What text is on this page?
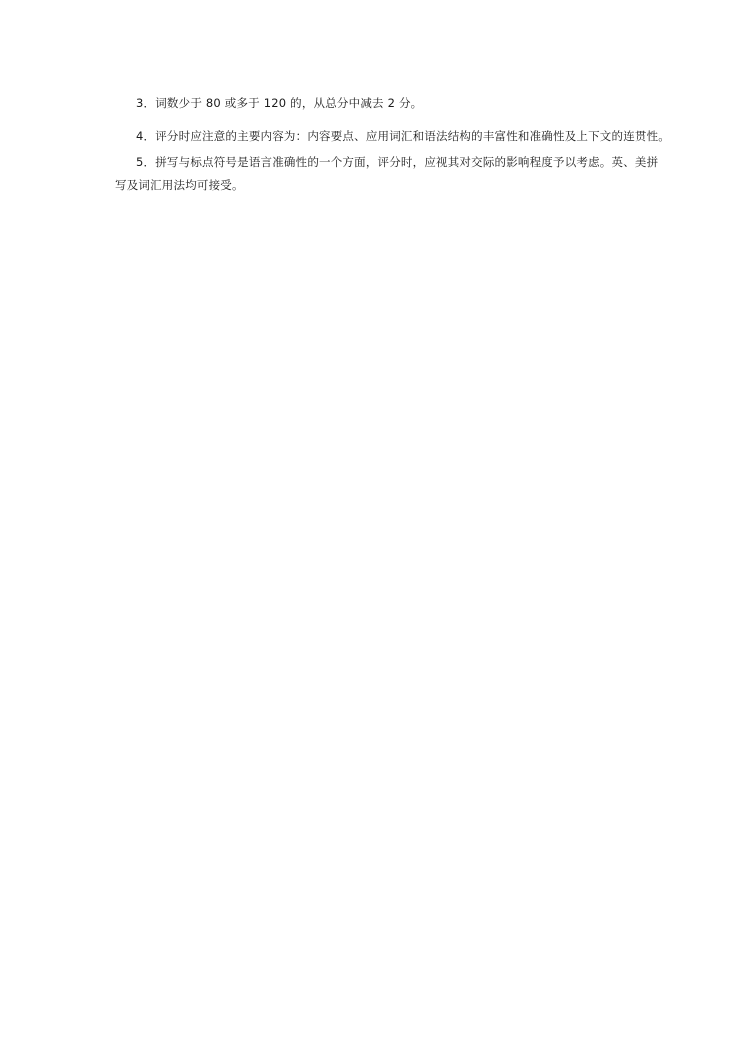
3．词数少于 80 或多于 120 的，从总分中减去 2 分。
4．评分时应注意的主要内容为：内容要点、应用词汇和语法结构的丰富性和准确性及上下文的连贯性。
5．拼写与标点符号是语言准确性的一个方面，评分时，应视其对交际的影响程度予以考虑。英、美拼
写及词汇用法均可接受。
